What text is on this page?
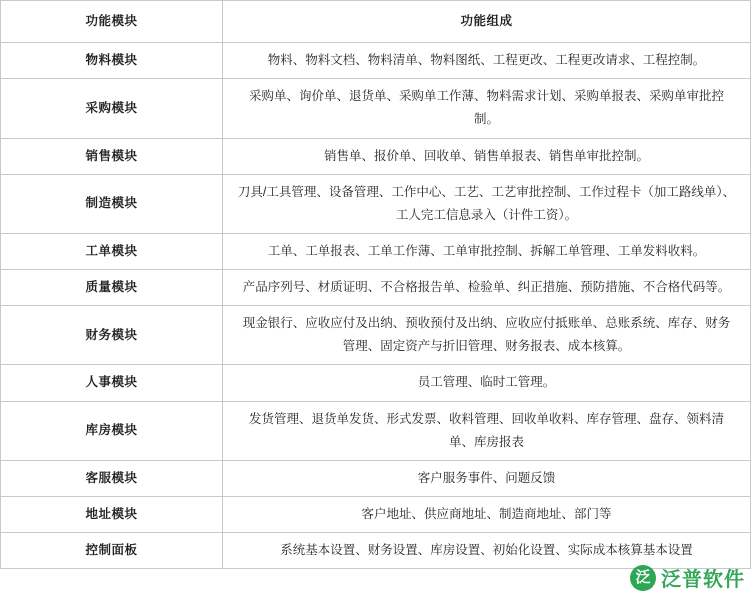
功能模块	功能组成
物料模块	物料、物料文档、物料清单、物料图纸、工程更改、工程更改请求、工程控制。
采购模块	采购单、询价单、退货单、采购单工作薄、物料需求计划、采购单报表、采购单审批控制。
销售模块	销售单、报价单、回收单、销售单报表、销售单审批控制。
制造模块	刀具/工具管理、设备管理、工作中心、工艺、工艺审批控制、工作过程卡（加工路线单）、工人完工信息录入（计件工资）。
工单模块	工单、工单报表、工单工作薄、工单审批控制、拆解工单管理、工单发料收料。
质量模块	产品序列号、材质证明、不合格报告单、检验单、纠正措施、预防措施、不合格代码等。
财务模块	现金银行、应收应付及出纳、预收预付及出纳、应收应付抵账单、总账系统、库存、财务管理、固定资产与折旧管理、财务报表、成本核算。
人事模块	员工管理、临时工管理。
库房模块	发货管理、退货单发货、形式发票、收料管理、回收单收料、库存管理、盘存、领料清单、库房报表
客服模块	客户服务事件、问题反馈
地址模块	客户地址、供应商地址、制造商地址、部门等
控制面板	系统基本设置、财务设置、库房设置、初始化设置、实际成本核算基本设置
泛 泛普软件
